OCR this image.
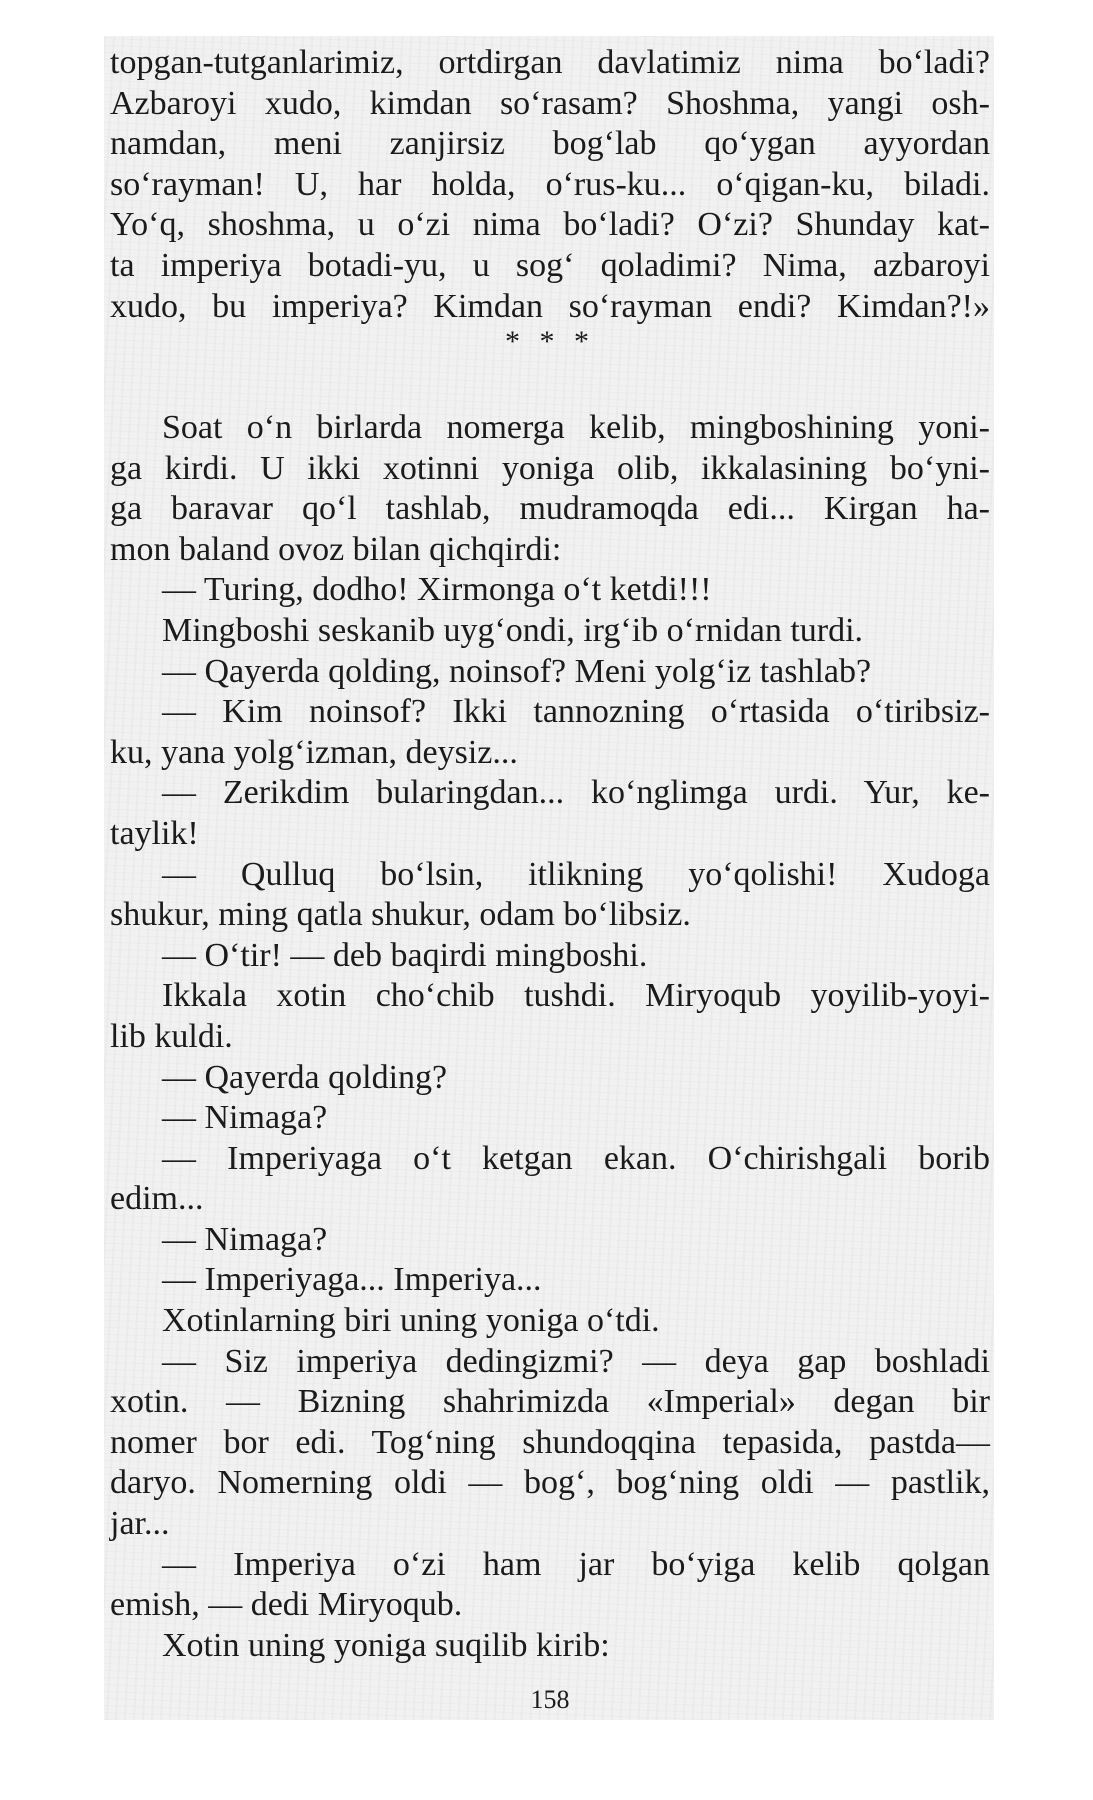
topgan-tutganlarimiz, ortdirgan davlatimiz nima bo‘ladi?
Azbaroyi xudo, kimdan so‘rasam? Shoshma, yangi osh-
namdan, meni zanjirsiz bog‘lab qo‘ygan ayyordan
so‘rayman! U, har holda, o‘rus-ku... o‘qigan-ku, biladi.
Yo‘q, shoshma, u o‘zi nima bo‘ladi? O‘zi? Shunday kat-
ta imperiya botadi-yu, u sog‘ qoladimi? Nima, azbaroyi
xudo, bu imperiya? Kimdan so‘rayman endi? Kimdan?!»
* * *
Soat o‘n birlarda nomerga kelib, mingboshining yoni-
ga kirdi. U ikki xotinni yoniga olib, ikkalasining bo‘yni-
ga baravar qo‘l tashlab, mudramoqda edi... Kirgan ha-
mon baland ovoz bilan qichqirdi:
— Turing, dodho! Xirmonga o‘t ketdi!!!
Mingboshi seskanib uyg‘ondi, irg‘ib o‘rnidan turdi.
— Qayerda qolding, noinsof? Meni yolg‘iz tashlab?
— Kim noinsof? Ikki tannozning o‘rtasida o‘tiribsiz-
ku, yana yolg‘izman, deysiz...
— Zerikdim bularingdan... ko‘nglimga urdi. Yur, ke-
taylik!
— Qulluq bo‘lsin, itlikning yo‘qolishi! Xudoga
shukur, ming qatla shukur, odam bo‘libsiz.
— O‘tir! — deb baqirdi mingboshi.
Ikkala xotin cho‘chib tushdi. Miryoqub yoyilib-yoyi-
lib kuldi.
— Qayerda qolding?
— Nimaga?
— Imperiyaga o‘t ketgan ekan. O‘chirishgali borib
edim...
— Nimaga?
— Imperiyaga... Imperiya...
Xotinlarning biri uning yoniga o‘tdi.
— Siz imperiya dedingizmi? — deya gap boshladi
xotin. — Bizning shahrimizda «Imperial» degan bir
nomer bor edi. Tog‘ning shundoqqina tepasida, pastda—
daryo. Nomerning oldi — bog‘, bog‘ning oldi — pastlik,
jar...
— Imperiya o‘zi ham jar bo‘yiga kelib qolgan
emish, — dedi Miryoqub.
Xotin uning yoniga suqilib kirib:
158
